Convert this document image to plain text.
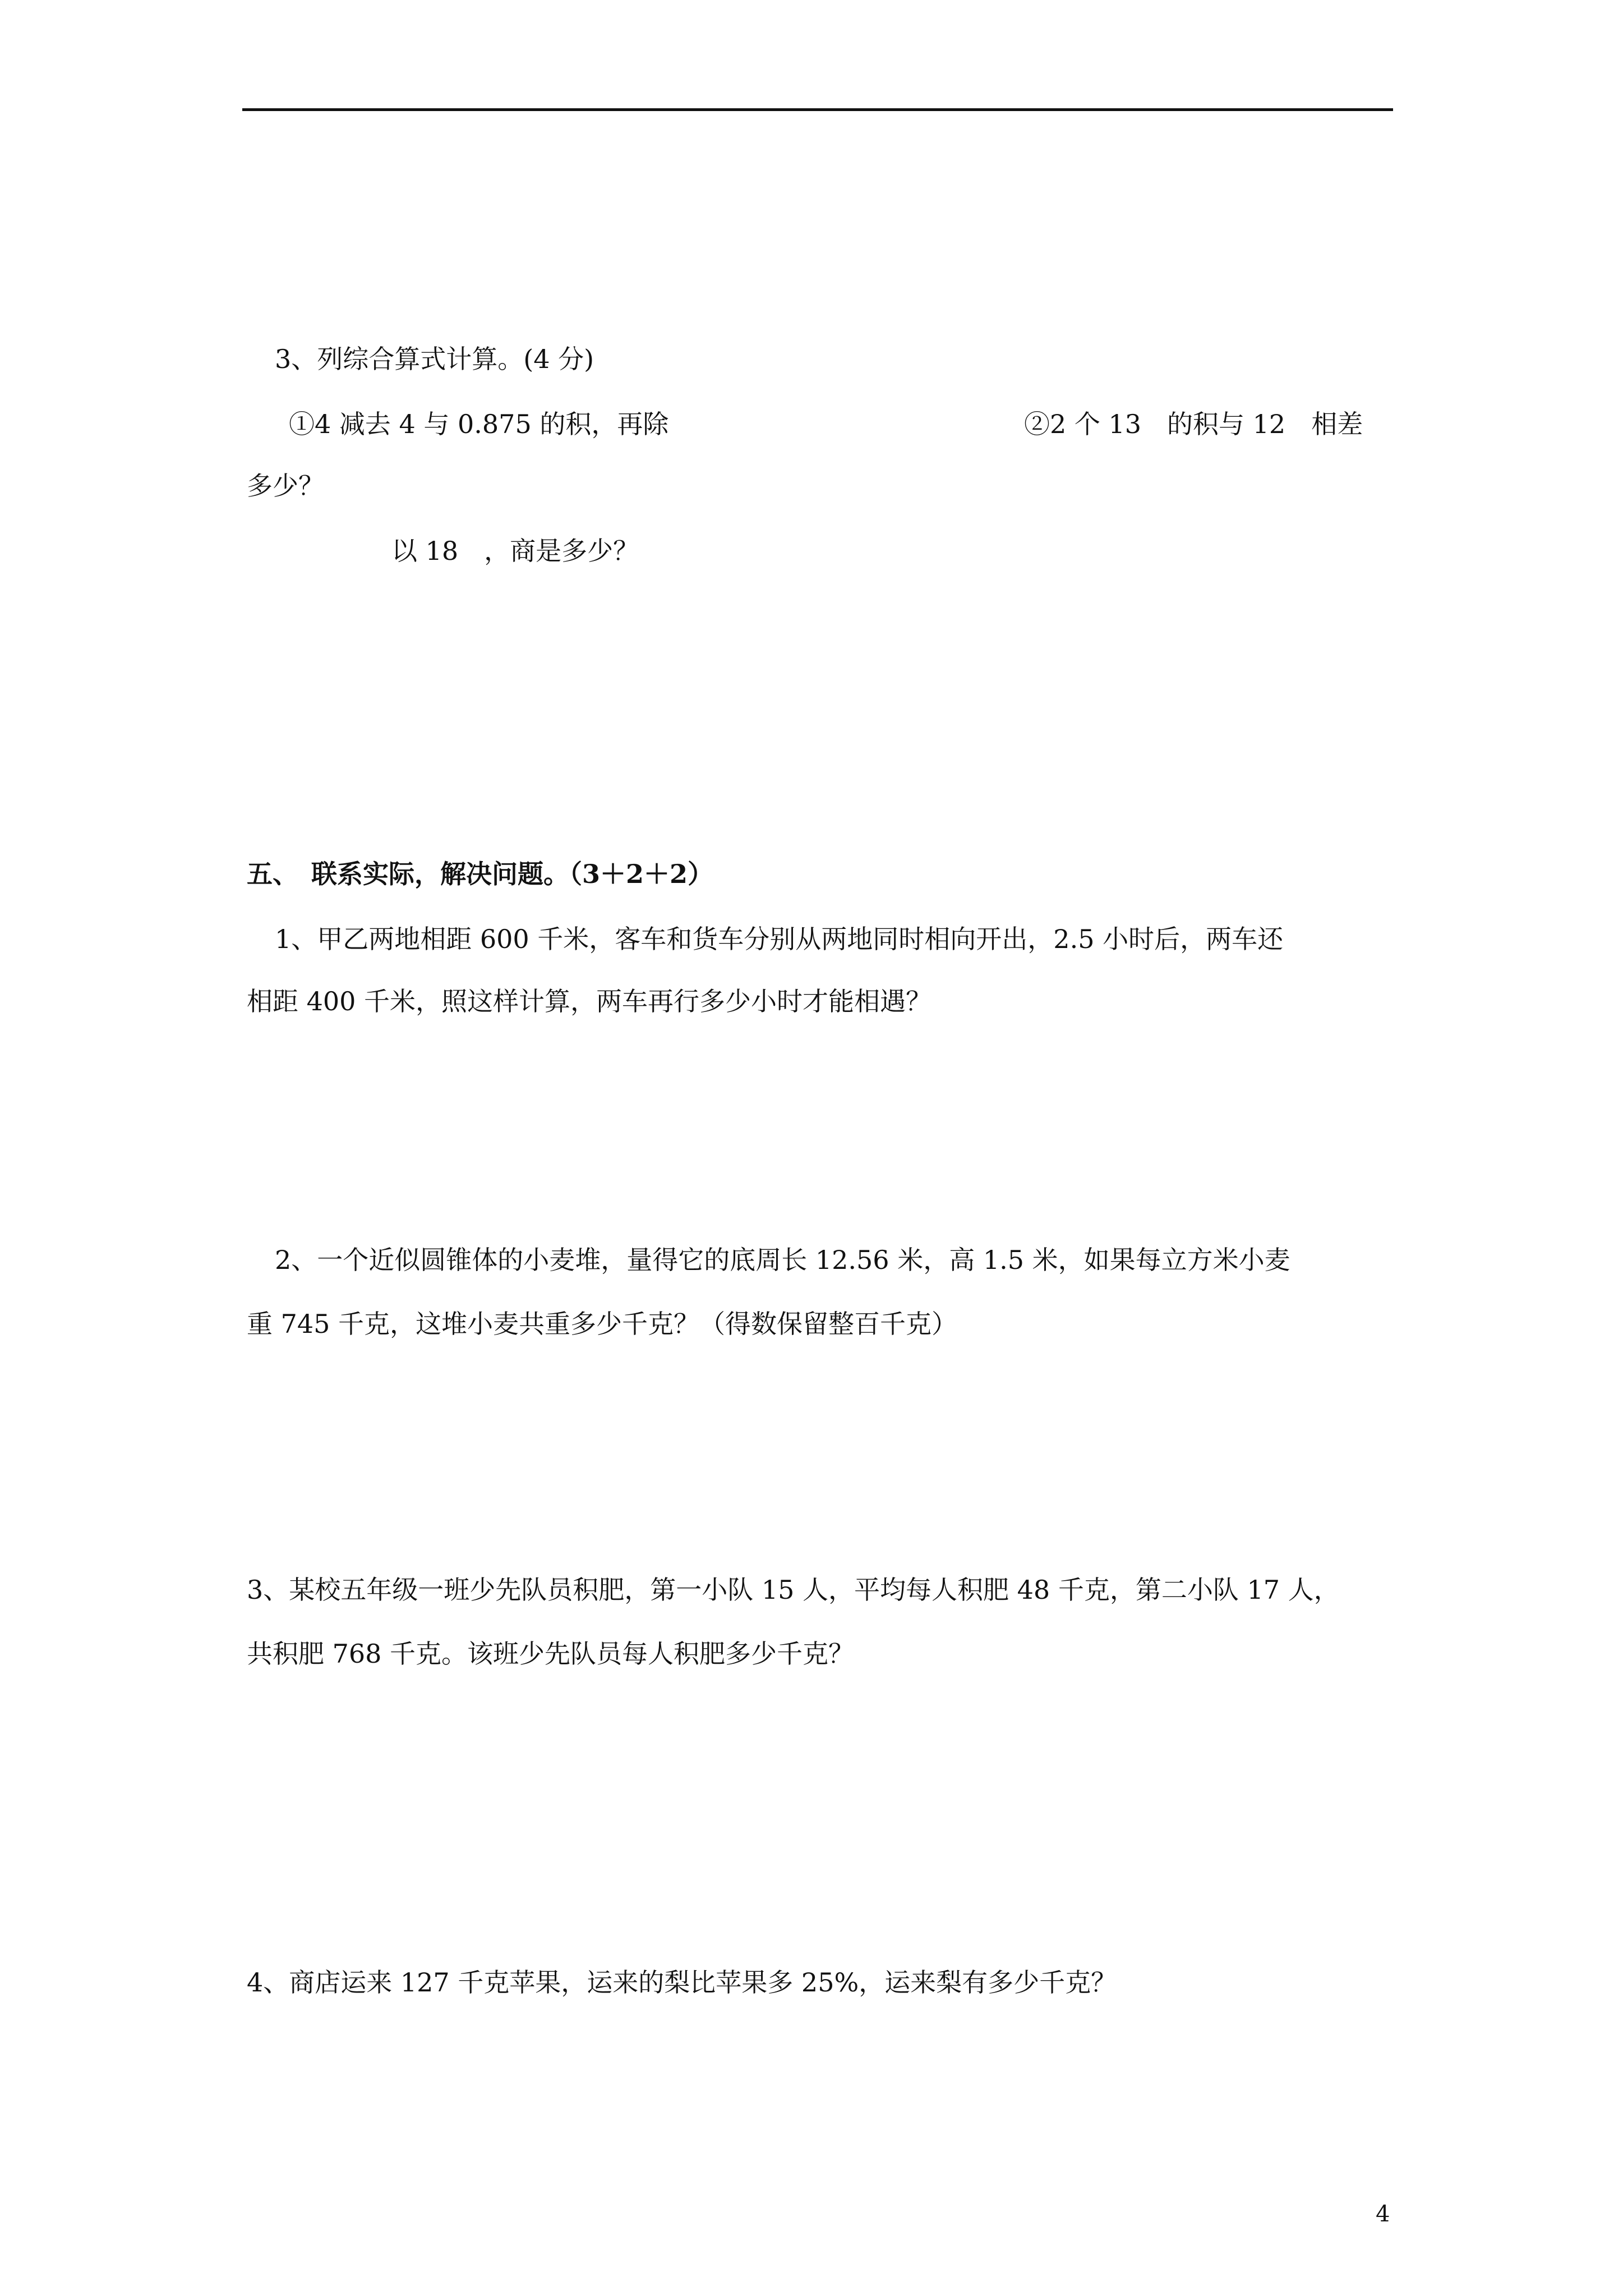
3、列综合算式计算。(4 分)
①4 减去 4 与 0.875 的积，再除	②2 个 13　的积与 12　相差
多少？
以 18　，商是多少？
五、　联系实际，解决问题。（3＋2＋2）
1、甲乙两地相距 600 千米，客车和货车分别从两地同时相向开出，2.5 小时后，两车还
相距 400 千米，照这样计算，两车再行多少小时才能相遇？
2、一个近似圆锥体的小麦堆，量得它的底周长 12.56 米，高 1.5 米，如果每立方米小麦
重 745 千克，这堆小麦共重多少千克？（得数保留整百千克）
3、某校五年级一班少先队员积肥，第一小队 15 人，平均每人积肥 48 千克，第二小队 17 人，
共积肥 768 千克。该班少先队员每人积肥多少千克？
4、商店运来 127 千克苹果，运来的梨比苹果多 25%，运来梨有多少千克？
4
